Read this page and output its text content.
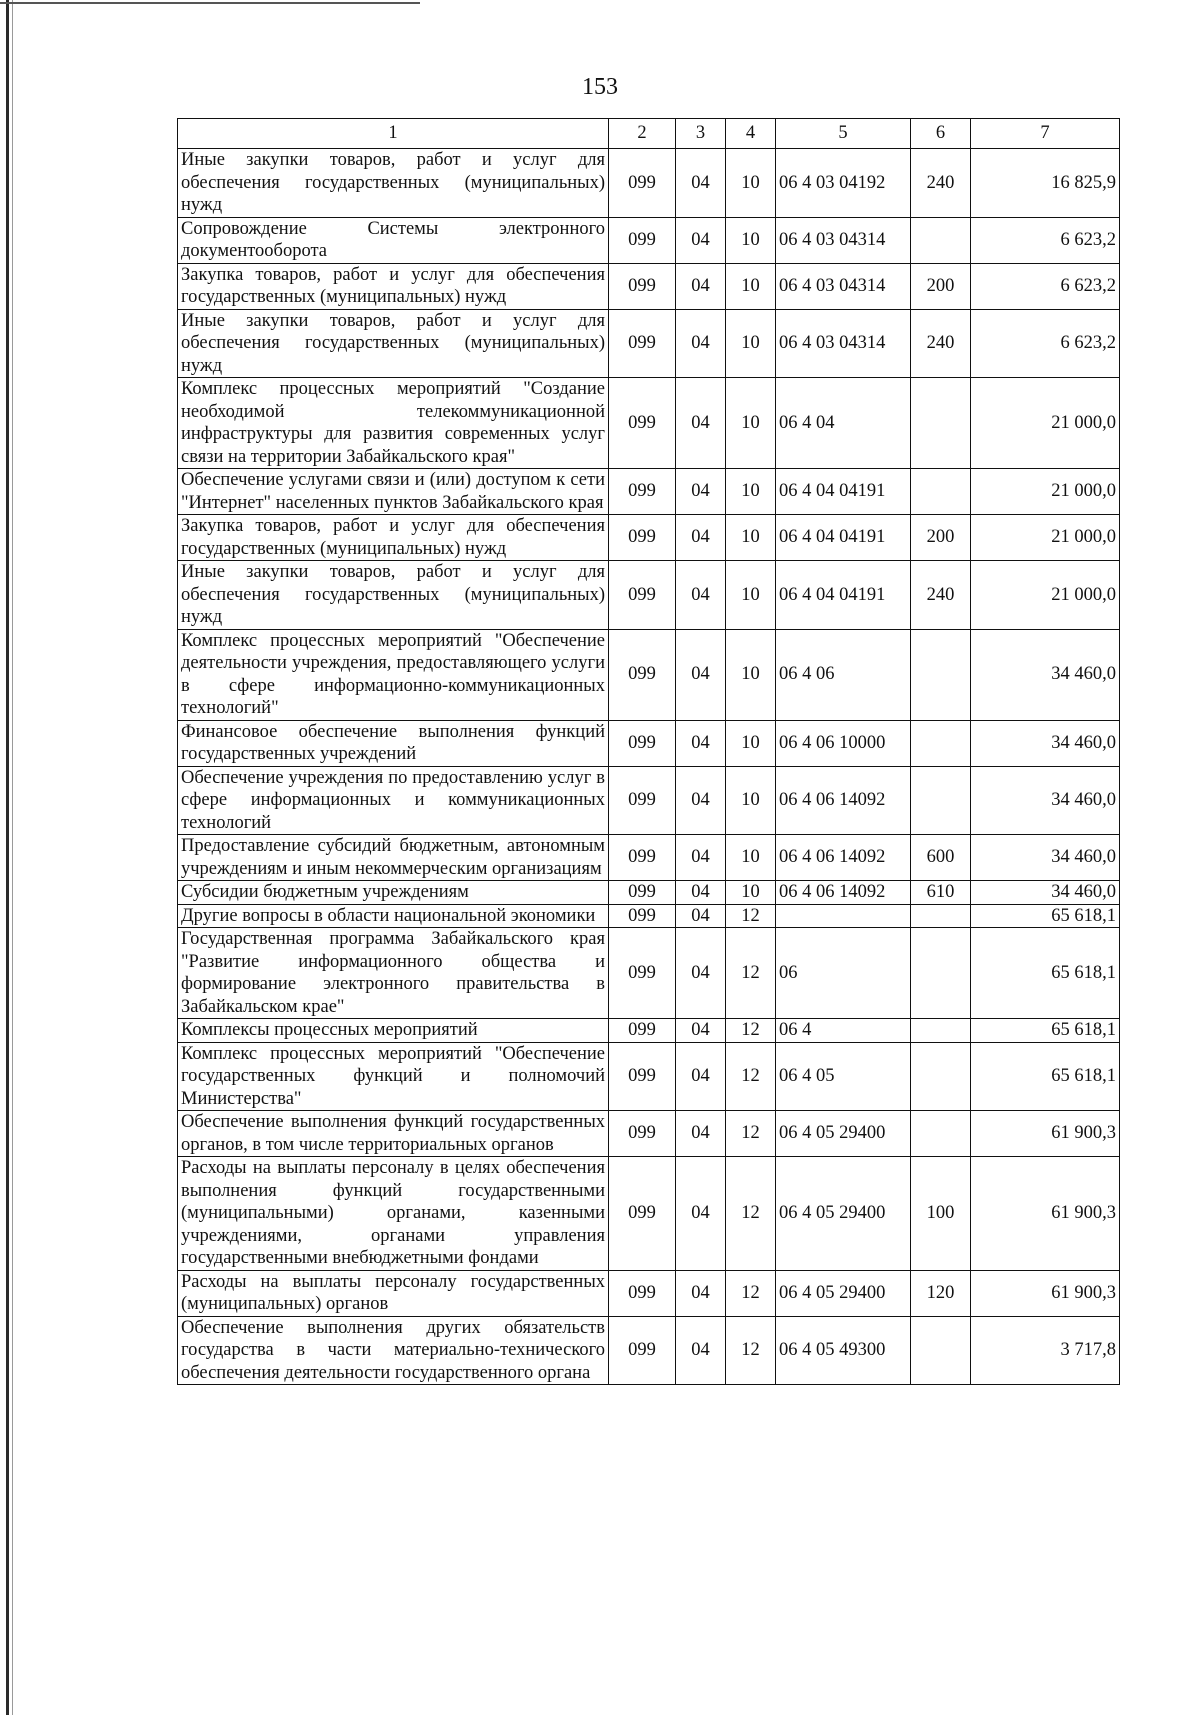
153
1	2	3	4	5	6	7
Иные закупки товаров, работ и услуг для обеспечения государственных (муниципальных) нужд	099	04	10	06 4 03 04192	240	16 825,9
Сопровождение Системы электронного документооборота	099	04	10	06 4 03 04314		6 623,2
Закупка товаров, работ и услуг для обеспечения государственных (муниципальных) нужд	099	04	10	06 4 03 04314	200	6 623,2
Иные закупки товаров, работ и услуг для обеспечения государственных (муниципальных) нужд	099	04	10	06 4 03 04314	240	6 623,2
Комплекс процессных мероприятий "Создание необходимой телекоммуникационной инфраструктуры для развития современных услуг связи на территории Забайкальского края"	099	04	10	06 4 04		21 000,0
Обеспечение услугами связи и (или) доступом к сети "Интернет" населенных пунктов Забайкальского края	099	04	10	06 4 04 04191		21 000,0
Закупка товаров, работ и услуг для обеспечения государственных (муниципальных) нужд	099	04	10	06 4 04 04191	200	21 000,0
Иные закупки товаров, работ и услуг для обеспечения государственных (муниципальных) нужд	099	04	10	06 4 04 04191	240	21 000,0
Комплекс процессных мероприятий "Обеспечение деятельности учреждения, предоставляющего услуги в сфере информационно-коммуникационных технологий"	099	04	10	06 4 06		34 460,0
Финансовое обеспечение выполнения функций государственных учреждений	099	04	10	06 4 06 10000		34 460,0
Обеспечение учреждения по предоставлению услуг в сфере информационных и коммуникационных технологий	099	04	10	06 4 06 14092		34 460,0
Предоставление субсидий бюджетным, автономным учреждениям и иным некоммерческим организациям	099	04	10	06 4 06 14092	600	34 460,0
Субсидии бюджетным учреждениям	099	04	10	06 4 06 14092	610	34 460,0
Другие вопросы в области национальной экономики	099	04	12			65 618,1
Государственная программа Забайкальского края "Развитие информационного общества и формирование электронного правительства в Забайкальском крае"	099	04	12	06		65 618,1
Комплексы процессных мероприятий	099	04	12	06 4		65 618,1
Комплекс процессных мероприятий "Обеспечение государственных функций и полномочий Министерства"	099	04	12	06 4 05		65 618,1
Обеспечение выполнения функций государственных органов, в том числе территориальных органов	099	04	12	06 4 05 29400		61 900,3
Расходы на выплаты персоналу в целях обеспечения выполнения функций государственными (муниципальными) органами, казенными учреждениями, органами управления государственными внебюджетными фондами	099	04	12	06 4 05 29400	100	61 900,3
Расходы на выплаты персоналу государственных (муниципальных) органов	099	04	12	06 4 05 29400	120	61 900,3
Обеспечение выполнения других обязательств государства в части материально-технического обеспечения деятельности государственного органа	099	04	12	06 4 05 49300		3 717,8
